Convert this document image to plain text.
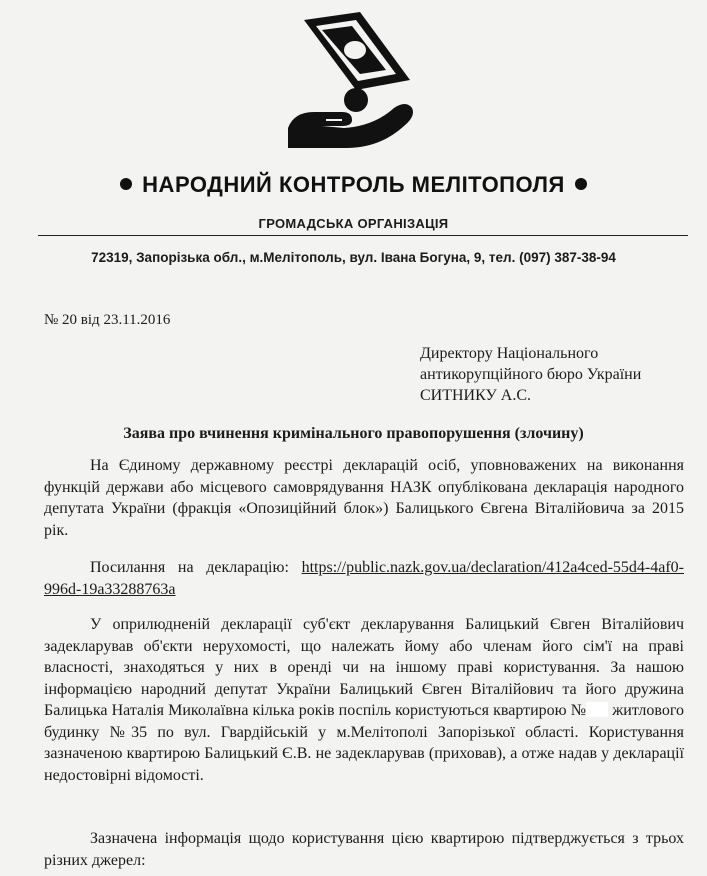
НАРОДНИЙ КОНТРОЛЬ МЕЛІТОПОЛЯ
ГРОМАДСЬКА ОРГАНІЗАЦІЯ
72319, Запорізька обл., м.Мелітополь, вул. Івана Богуна, 9, тел. (097) 387-38-94
№ 20 від 23.11.2016
Директору Національного
антикорупційного бюро України
СИТНИКУ А.С.
Заява про вчинення кримінального правопорушення (злочину)
На Єдиному державному реєстрі декларацій осіб, уповноважених на виконання функцій держави або місцевого самоврядування НАЗК опублікована декларація народного депутата України (фракція «Опозиційний блок») Балицького Євгена Віталійовича за 2015 рік.
Посилання на декларацію: https://public.nazk.gov.ua/declaration/412a4ced-55d4-4af0-996d-19a33288763a
У оприлюдненій декларації суб'єкт декларування Балицький Євген Віталійович задекларував об'єкти нерухомості, що належать йому або членам його сім'ї на праві власності, знаходяться у них в оренді чи на іншому праві користування. За нашою інформацією народний депутат України Балицький Євген Віталійович та його дружина Балицька Наталія Миколаївна кілька років поспіль користуються квартирою № житлового будинку №35 по вул. Гвардійській у м.Мелітополі Запорізької області. Користування зазначеною квартирою Балицький Є.В. не задекларував (приховав), а отже надав у декларації недостовірні відомості.
Зазначена інформація щодо користування цією квартирою підтверджується з трьох різних джерел:
